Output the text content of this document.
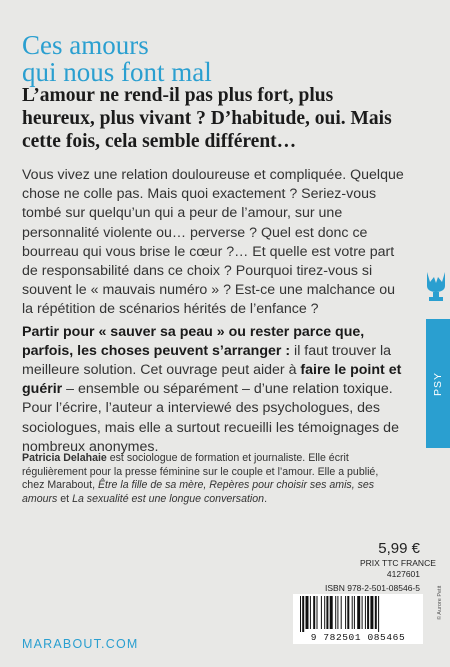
Ces amours
qui nous font mal

L’amour ne rend-il pas plus fort, plus heureux, plus vivant ? D’habitude, oui. Mais cette fois, cela semble différent…

Vous vivez une relation douloureuse et compliquée. Quelque chose ne colle pas. Mais quoi exactement ? Seriez-vous tombé sur quelqu’un qui a peur de l’amour, sur une personnalité violente ou… perverse ? Quel est donc ce bourreau qui vous brise le cœur ?… Et quelle est votre part de responsabilité dans ce choix ? Pourquoi tirez-vous si souvent le « mauvais numéro » ? Est-ce une malchance ou la répétition de scénarios hérités de l’enfance ?

Partir pour « sauver sa peau » ou rester parce que, parfois, les choses peuvent s’arranger : il faut trouver la meilleure solution. Cet ouvrage peut aider à faire le point et guérir – ensemble ou séparément – d’une relation toxique. Pour l’écrire, l’auteur a interviewé des psychologues, des sociologues, mais elle a surtout recueilli les témoignages de nombreux anonymes.

Patricia Delahaie est sociologue de formation et journaliste. Elle écrit régulièrement pour la presse féminine sur le couple et l’amour. Elle a publié, chez Marabout, Être la fille de sa mère, Repères pour choisir ses amis, ses amours et La sexualité est une longue conversation.

PSY
5,99 €
PRIX TTC FRANCE
4127601
ISBN 978-2-501-08546-5
9 782501 085465

MARABOUT.COM

© Aurore Petit
